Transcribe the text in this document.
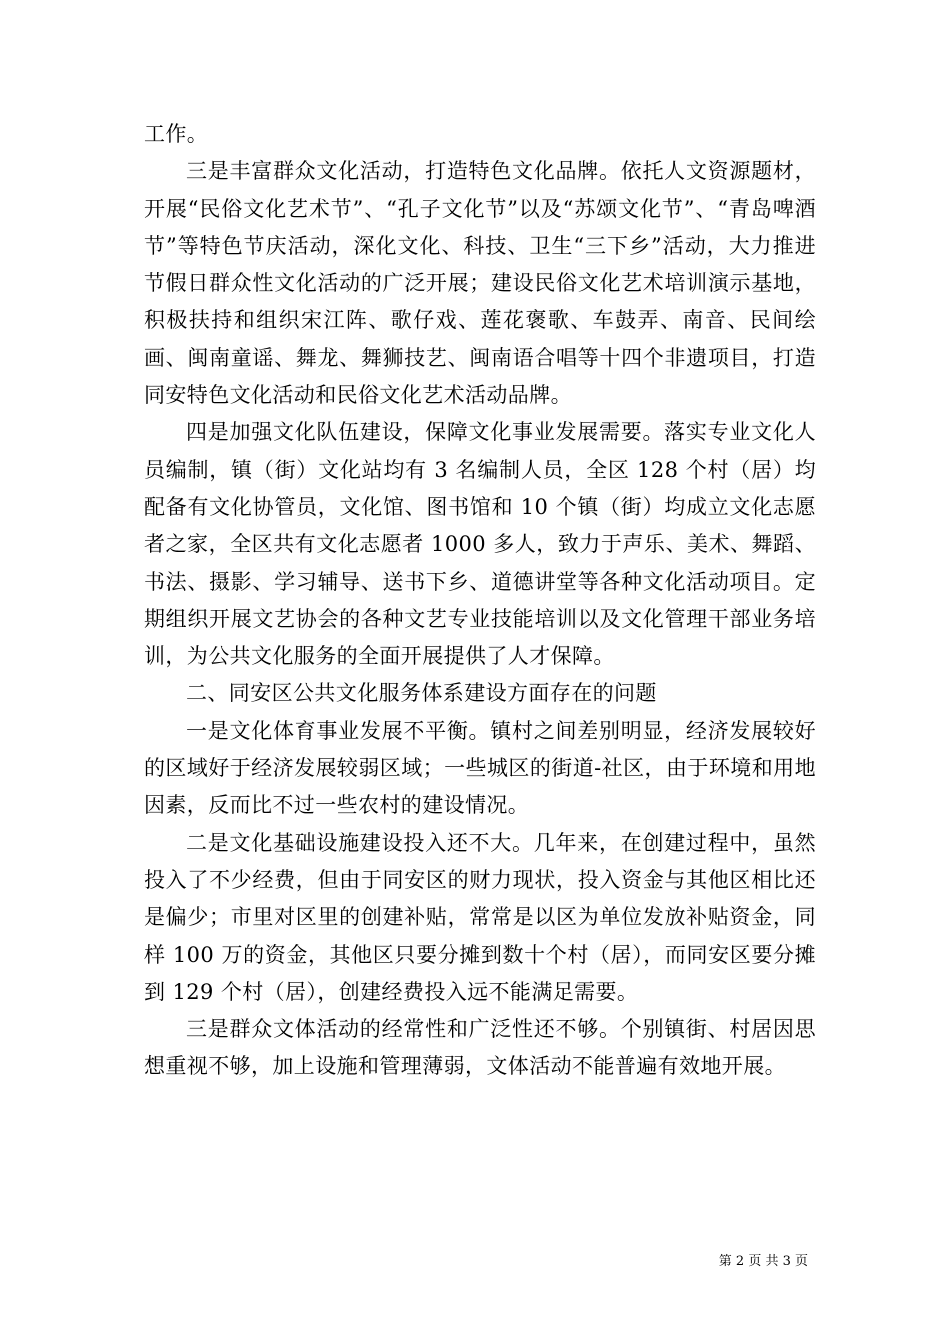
工作。

三是丰富群众文化活动，打造特色文化品牌。依托人文资源题材，开展“民俗文化艺术节”、“孔子文化节”以及“苏颂文化节”、“青岛啤酒节”等特色节庆活动，深化文化、科技、卫生“三下乡”活动，大力推进节假日群众性文化活动的广泛开展；建设民俗文化艺术培训演示基地，积极扶持和组织宋江阵、歌仔戏、莲花褒歌、车鼓弄、南音、民间绘画、闽南童谣、舞龙、舞狮技艺、闽南语合唱等十四个非遗项目，打造同安特色文化活动和民俗文化艺术活动品牌。

四是加强文化队伍建设，保障文化事业发展需要。落实专业文化人员编制，镇（街）文化站均有 3 名编制人员，全区 128 个村（居）均配备有文化协管员，文化馆、图书馆和 10 个镇（街）均成立文化志愿者之家，全区共有文化志愿者 1000 多人，致力于声乐、美术、舞蹈、书法、摄影、学习辅导、送书下乡、道德讲堂等各种文化活动项目。定期组织开展文艺协会的各种文艺专业技能培训以及文化管理干部业务培训，为公共文化服务的全面开展提供了人才保障。

二、同安区公共文化服务体系建设方面存在的问题

一是文化体育事业发展不平衡。镇村之间差别明显，经济发展较好的区域好于经济发展较弱区域；一些城区的街道-社区，由于环境和用地因素，反而比不过一些农村的建设情况。

二是文化基础设施建设投入还不大。几年来，在创建过程中，虽然投入了不少经费，但由于同安区的财力现状，投入资金与其他区相比还是偏少；市里对区里的创建补贴，常常是以区为单位发放补贴资金，同样 100 万的资金，其他区只要分摊到数十个村（居），而同安区要分摊到 129 个村（居），创建经费投入远不能满足需要。

三是群众文体活动的经常性和广泛性还不够。个别镇街、村居因思想重视不够，加上设施和管理薄弱，文体活动不能普遍有效地开展。

第 2 页 共 3 页
